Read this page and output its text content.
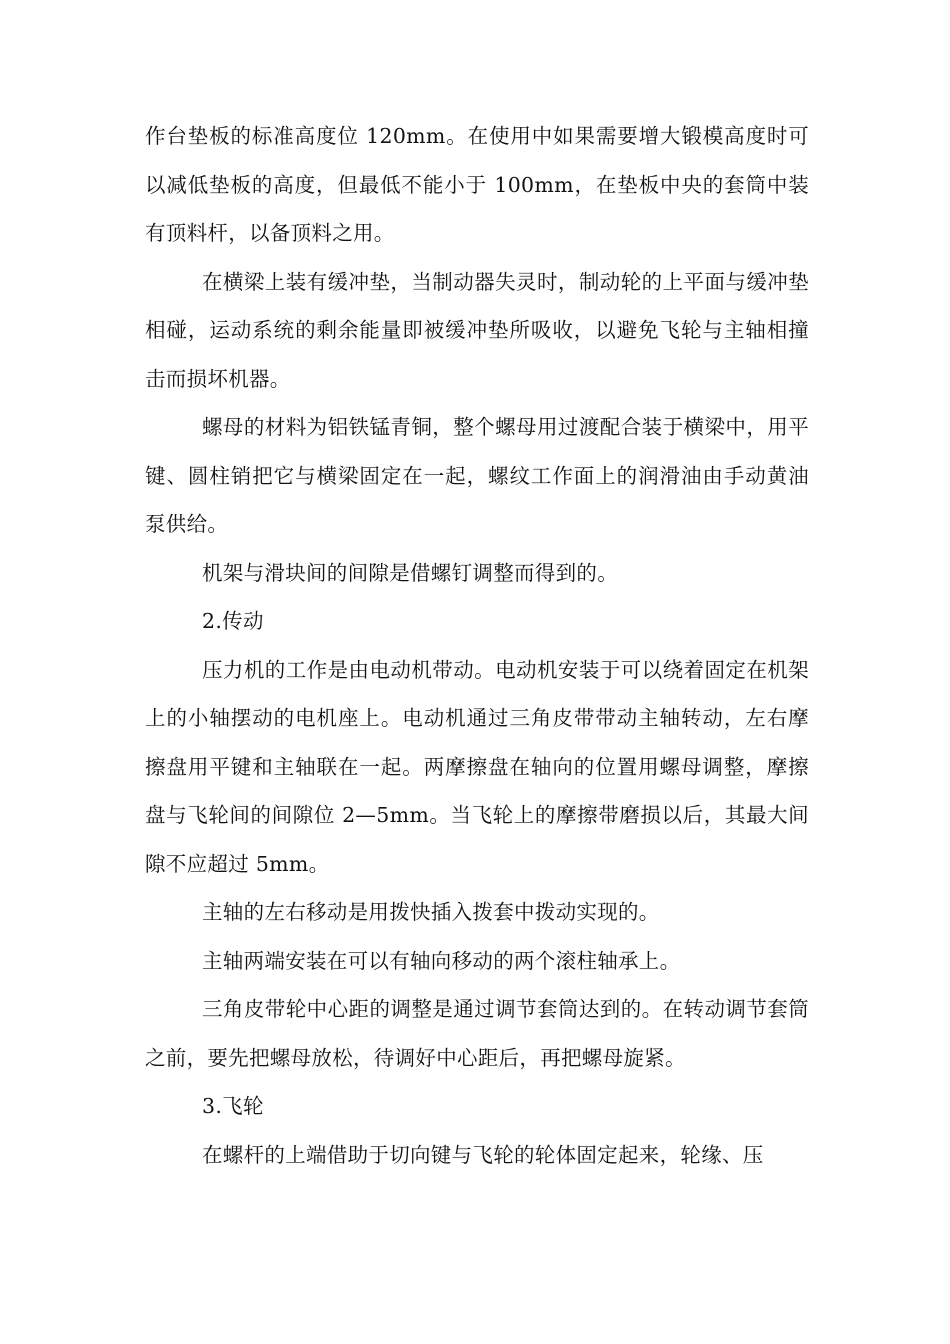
作台垫板的标准高度位 120mm。在使用中如果需要增大锻模高度时可以减低垫板的高度，但最低不能小于 100mm，在垫板中央的套筒中装有顶料杆，以备顶料之用。

在横梁上装有缓冲垫，当制动器失灵时，制动轮的上平面与缓冲垫相碰，运动系统的剩余能量即被缓冲垫所吸收，以避免飞轮与主轴相撞击而损坏机器。

螺母的材料为铝铁锰青铜，整个螺母用过渡配合装于横梁中，用平键、圆柱销把它与横梁固定在一起，螺纹工作面上的润滑油由手动黄油泵供给。

机架与滑块间的间隙是借螺钉调整而得到的。

2.传动

压力机的工作是由电动机带动。电动机安装于可以绕着固定在机架上的小轴摆动的电机座上。电动机通过三角皮带带动主轴转动，左右摩擦盘用平键和主轴联在一起。两摩擦盘在轴向的位置用螺母调整，摩擦盘与飞轮间的间隙位 2—5mm。当飞轮上的摩擦带磨损以后，其最大间隙不应超过 5mm。

主轴的左右移动是用拨快插入拨套中拨动实现的。

主轴两端安装在可以有轴向移动的两个滚柱轴承上。

三角皮带轮中心距的调整是通过调节套筒达到的。在转动调节套筒之前，要先把螺母放松，待调好中心距后，再把螺母旋紧。

3.飞轮

在螺杆的上端借助于切向键与飞轮的轮体固定起来，轮缘、压
